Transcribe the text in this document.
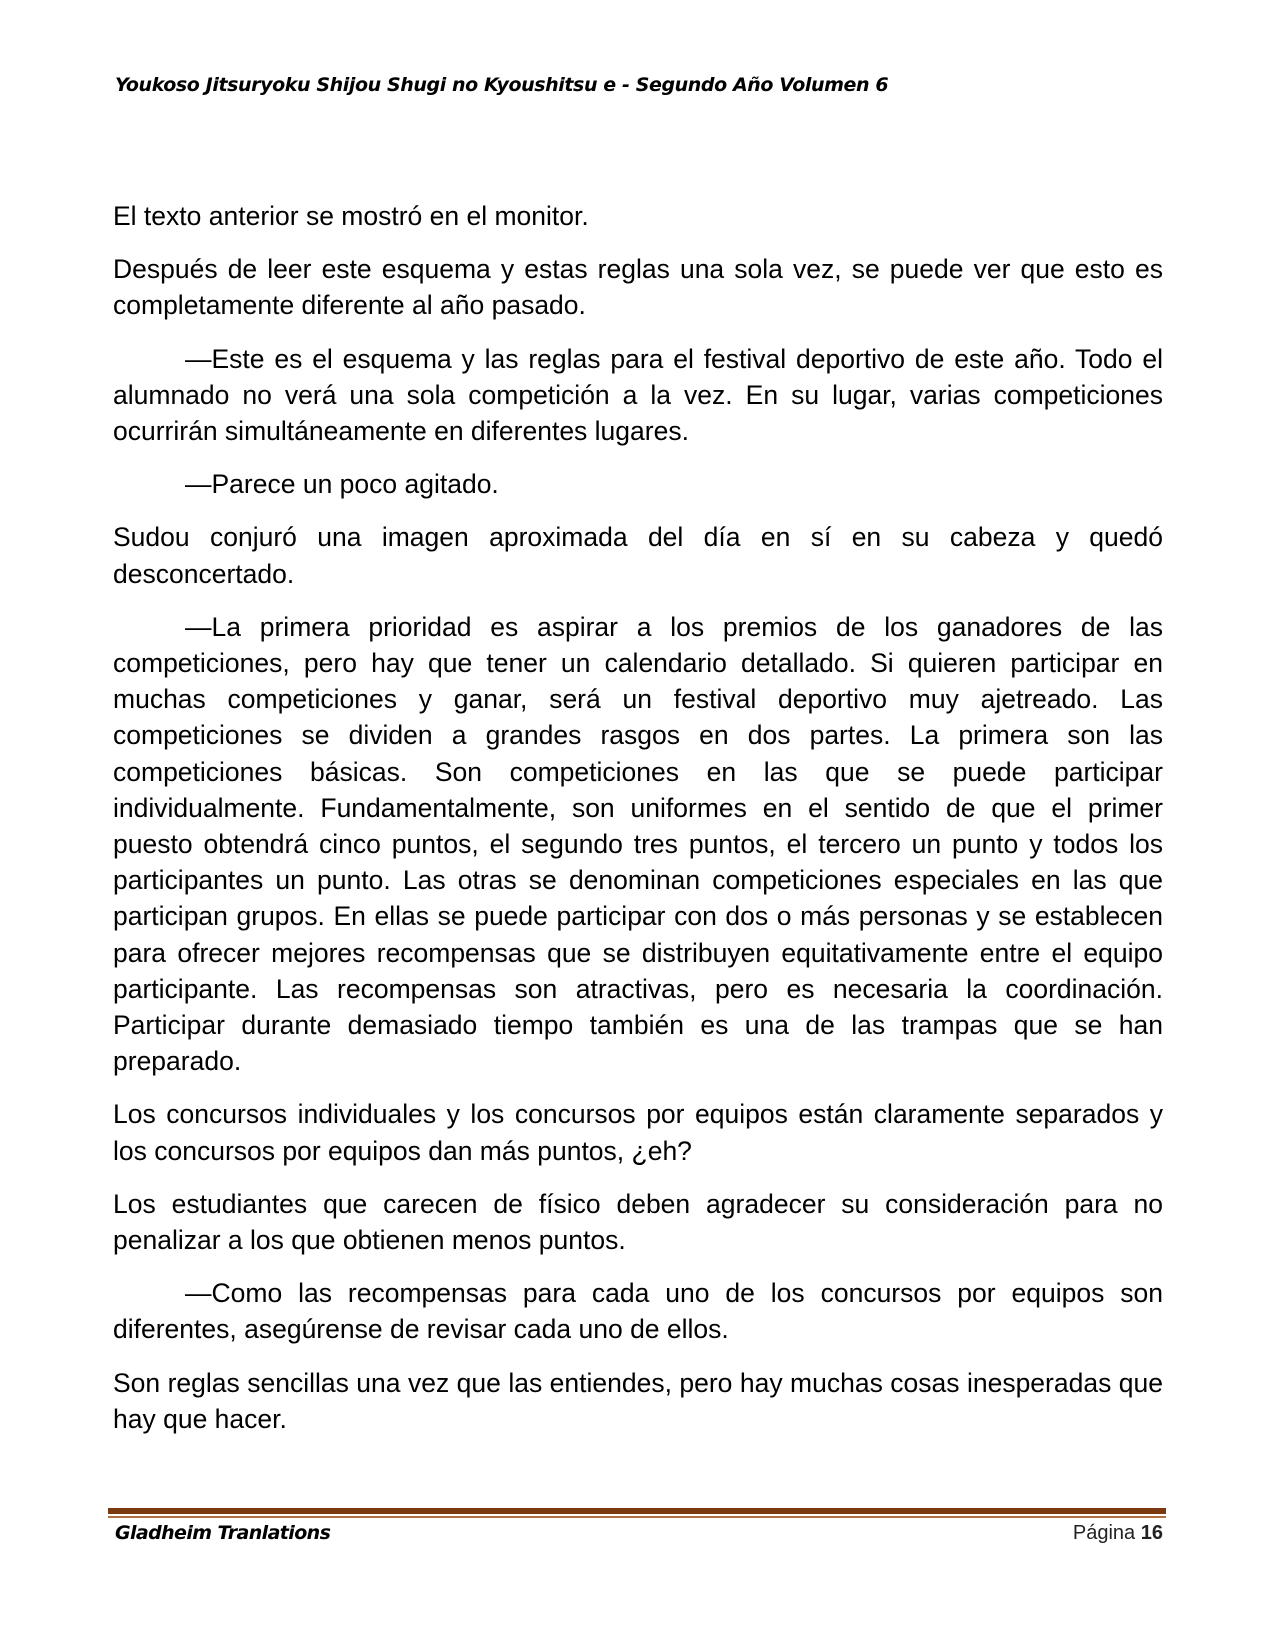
Youkoso Jitsuryoku Shijou Shugi no Kyoushitsu e - Segundo Año Volumen 6

El texto anterior se mostró en el monitor.

Después de leer este esquema y estas reglas una sola vez, se puede ver que esto es completamente diferente al año pasado.

—Este es el esquema y las reglas para el festival deportivo de este año. Todo el alumnado no verá una sola competición a la vez. En su lugar, varias competiciones ocurrirán simultáneamente en diferentes lugares.

—Parece un poco agitado.

Sudou conjuró una imagen aproximada del día en sí en su cabeza y quedó desconcertado.

—La primera prioridad es aspirar a los premios de los ganadores de las competiciones, pero hay que tener un calendario detallado. Si quieren participar en muchas competiciones y ganar, será un festival deportivo muy ajetreado. Las competiciones se dividen a grandes rasgos en dos partes. La primera son las competiciones básicas. Son competiciones en las que se puede participar individualmente. Fundamentalmente, son uniformes en el sentido de que el primer puesto obtendrá cinco puntos, el segundo tres puntos, el tercero un punto y todos los participantes un punto. Las otras se denominan competiciones especiales en las que participan grupos. En ellas se puede participar con dos o más personas y se establecen para ofrecer mejores recompensas que se distribuyen equitativamente entre el equipo participante. Las recompensas son atractivas, pero es necesaria la coordinación. Participar durante demasiado tiempo también es una de las trampas que se han preparado.

Los concursos individuales y los concursos por equipos están claramente separados y los concursos por equipos dan más puntos, ¿eh?

Los estudiantes que carecen de físico deben agradecer su consideración para no penalizar a los que obtienen menos puntos.

—Como las recompensas para cada uno de los concursos por equipos son diferentes, asegúrense de revisar cada uno de ellos.

Son reglas sencillas una vez que las entiendes, pero hay muchas cosas inesperadas que hay que hacer.

Gladheim Tranlations	Página 16
